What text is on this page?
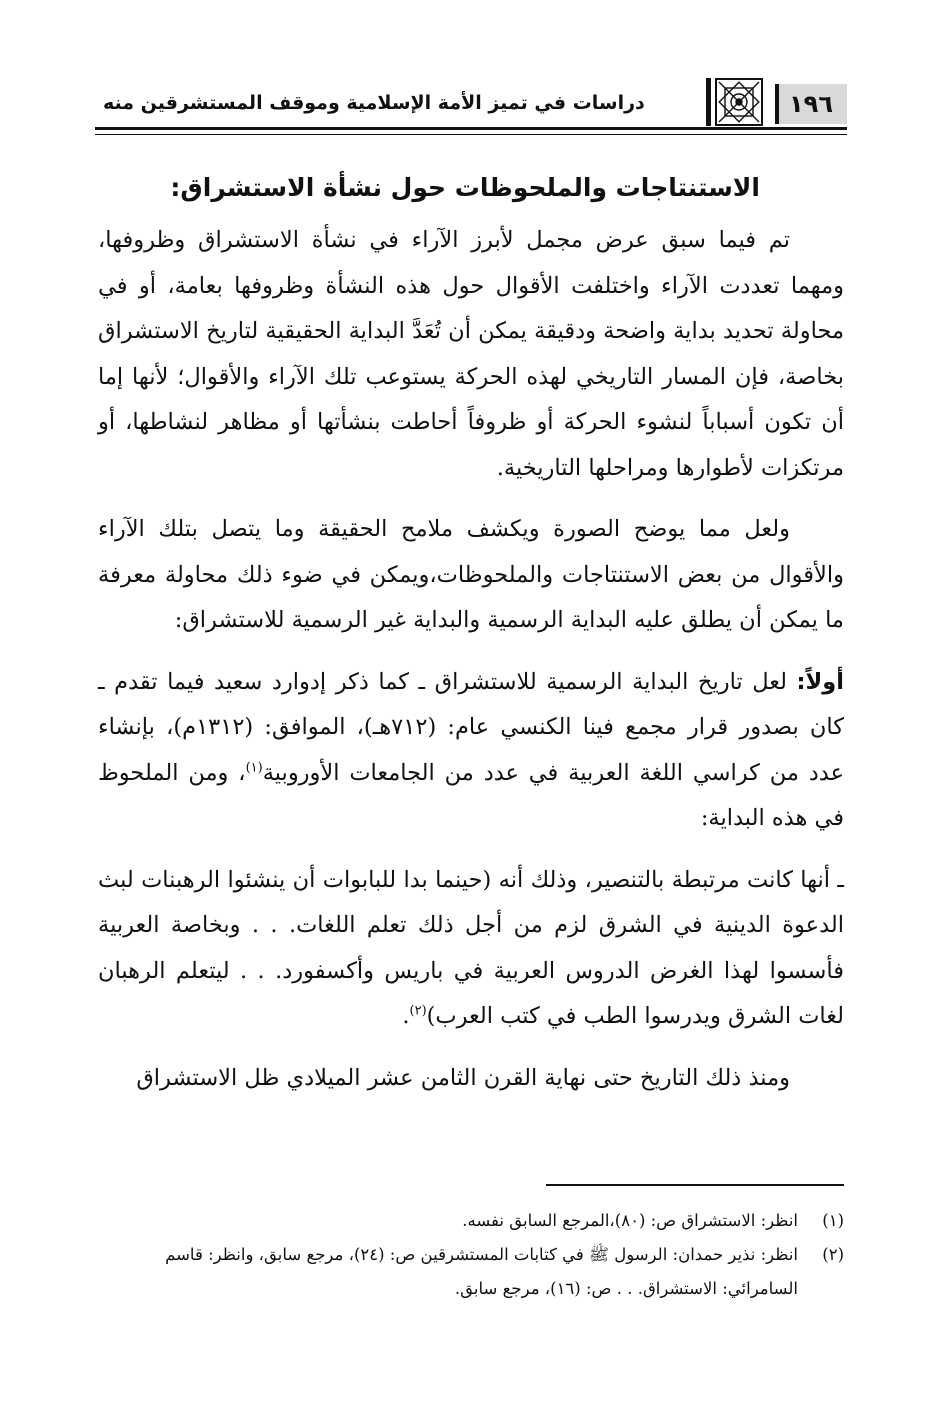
١٩٦
دراسات في تميز الأمة الإسلامية وموقف المستشرقين منه

الاستنتاجات والملحوظات حول نشأة الاستشراق:

تم فيما سبق عرض مجمل لأبرز الآراء في نشأة الاستشراق وظروفها، ومهما تعددت الآراء واختلفت الأقوال حول هذه النشأة وظروفها بعامة، أو في محاولة تحديد بداية واضحة ودقيقة يمكن أن تُعَدَّ البداية الحقيقية لتاريخ الاستشراق بخاصة، فإن المسار التاريخي لهذه الحركة يستوعب تلك الآراء والأقوال؛ لأنها إما أن تكون أسباباً لنشوء الحركة أو ظروفاً أحاطت بنشأتها أو مظاهر لنشاطها، أو مرتكزات لأطوارها ومراحلها التاريخية.

ولعل مما يوضح الصورة ويكشف ملامح الحقيقة وما يتصل بتلك الآراء والأقوال من بعض الاستنتاجات والملحوظات،ويمكن في ضوء ذلك محاولة معرفة ما يمكن أن يطلق عليه البداية الرسمية والبداية غير الرسمية للاستشراق:

أولاً: لعل تاريخ البداية الرسمية للاستشراق ـ كما ذكر إدوارد سعيد فيما تقدم ـ كان بصدور قرار مجمع فينا الكنسي عام: (٧١٢هـ)، الموافق: (١٣١٢م)، بإنشاء عدد من كراسي اللغة العربية في عدد من الجامعات الأوروبية$^{(١)}$، ومن الملحوظ في هذه البداية:

ـ أنها كانت مرتبطة بالتنصير، وذلك أنه (حينما بدا للبابوات أن ينشئوا الرهبنات لبث الدعوة الدينية في الشرق لزم من أجل ذلك تعلم اللغات. . . وبخاصة العربية فأسسوا لهذا الغرض الدروس العربية في باريس وأكسفورد. . . ليتعلم الرهبان لغات الشرق ويدرسوا الطب في كتب العرب)$^{(٢)}$.

ومنذ ذلك التاريخ حتى نهاية القرن الثامن عشر الميلادي ظل الاستشراق

(١)
انظر: الاستشراق ص: (٨٠)،المرجع السابق نفسه.
(٢)
انظر: نذير حمدان: الرسول ﷺ في كتابات المستشرقين ص: (٢٤)، مرجع سابق، وانظر: قاسم السامرائي: الاستشراق. . . ص: (١٦)، مرجع سابق.
